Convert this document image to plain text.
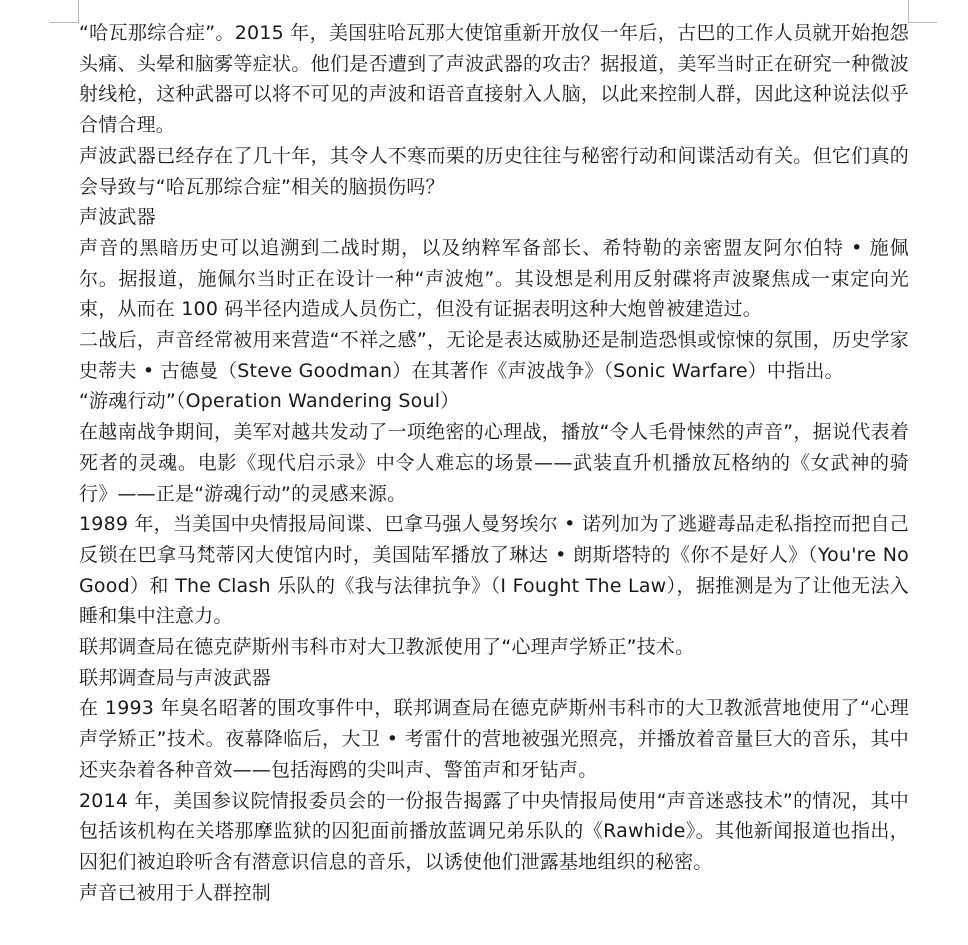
“哈瓦那综合症”。2015 年，美国驻哈瓦那大使馆重新开放仅一年后，古巴的工作人员就开始抱怨头痛、头晕和脑雾等症状。他们是否遭到了声波武器的攻击？据报道，美军当时正在研究一种微波射线枪，这种武器可以将不可见的声波和语音直接射入人脑，以此来控制人群，因此这种说法似乎合情合理。

声波武器已经存在了几十年，其令人不寒而栗的历史往往与秘密行动和间谍活动有关。但它们真的会导致与“哈瓦那综合症”相关的脑损伤吗？

声波武器

声音的黑暗历史可以追溯到二战时期，以及纳粹军备部长、希特勒的亲密盟友阿尔伯特 • 施佩尔。据报道，施佩尔当时正在设计一种“声波炮”。其设想是利用反射碟将声波聚焦成一束定向光束，从而在 100 码半径内造成人员伤亡，但没有证据表明这种大炮曾被建造过。

二战后，声音经常被用来营造“不祥之感”，无论是表达威胁还是制造恐惧或惊悚的氛围，历史学家史蒂夫 • 古德曼（Steve Goodman）在其著作《声波战争》（Sonic Warfare）中指出。

“游魂行动”（Operation Wandering Soul）

在越南战争期间，美军对越共发动了一项绝密的心理战，播放“令人毛骨悚然的声音”，据说代表着死者的灵魂。电影《现代启示录》中令人难忘的场景——武装直升机播放瓦格纳的《女武神的骑行》——正是“游魂行动”的灵感来源。

1989 年，当美国中央情报局间谍、巴拿马强人曼努埃尔 • 诺列加为了逃避毒品走私指控而把自己反锁在巴拿马梵蒂冈大使馆内时，美国陆军播放了琳达 • 朗斯塔特的《你不是好人》（You're No Good）和 The Clash 乐队的《我与法律抗争》（I Fought The Law），据推测是为了让他无法入睡和集中注意力。

联邦调查局在德克萨斯州韦科市对大卫教派使用了“心理声学矫正”技术。

联邦调查局与声波武器

在 1993 年臭名昭著的围攻事件中，联邦调查局在德克萨斯州韦科市的大卫教派营地使用了“心理声学矫正”技术。夜幕降临后，大卫 • 考雷什的营地被强光照亮，并播放着音量巨大的音乐，其中还夹杂着各种音效——包括海鸥的尖叫声、警笛声和牙钻声。

2014 年，美国参议院情报委员会的一份报告揭露了中央情报局使用“声音迷惑技术”的情况，其中包括该机构在关塔那摩监狱的囚犯面前播放蓝调兄弟乐队的《Rawhide》。其他新闻报道也指出，囚犯们被迫聆听含有潜意识信息的音乐，以诱使他们泄露基地组织的秘密。

声音已被用于人群控制
